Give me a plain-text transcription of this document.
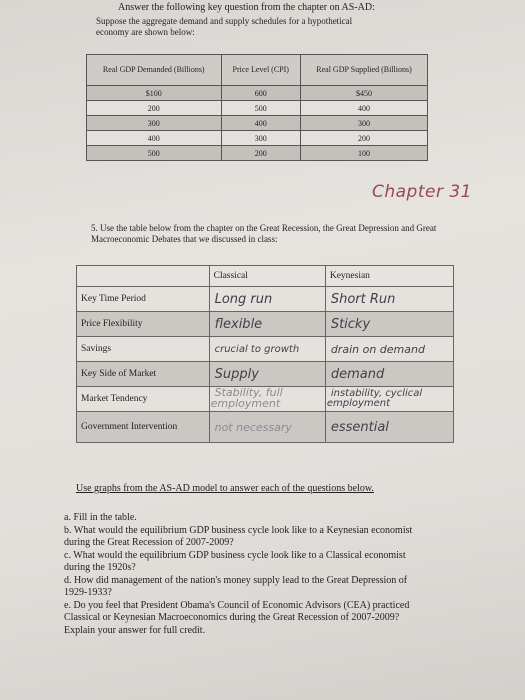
Answer the following key question from the chapter on AS-AD:
Suppose the aggregate demand and supply schedules for a hypothetical economy are shown below:
Real GDP Demanded (Billions)	Price Level (CPI)	Real GDP Supplied (Billions)
$100	600	$450
200	500	400
300	400	300
400	300	200
500	200	100
Chapter 31
5. Use the table below from the chapter on the Great Recession, the Great Depression and Great Macroeconomic Debates that we discussed in class:
	Classical	Keynesian
Key Time Period	Long run	Short Run
Price Flexibility	flexible	Sticky
Savings	crucial to growth	drain on demand
Key Side of Market	Supply	demand
Market Tendency	Stability, full employment	instability, cyclical employment
Government Intervention	not necessary	essential
Use graphs from the AS-AD model to answer each of the questions below.
a. Fill in the table.
b. What would the equilibrium GDP business cycle look like to a Keynesian economist during the Great Recession of 2007-2009?
c. What would the equilibrium GDP business cycle look like to a Classical economist during the 1920s?
d. How did management of the nation's money supply lead to the Great Depression of 1929-1933?
e. Do you feel that President Obama's Council of Economic Advisors (CEA) practiced Classical or Keynesian Macroeconomics during the Great Recession of 2007-2009? Explain your answer for full credit.
